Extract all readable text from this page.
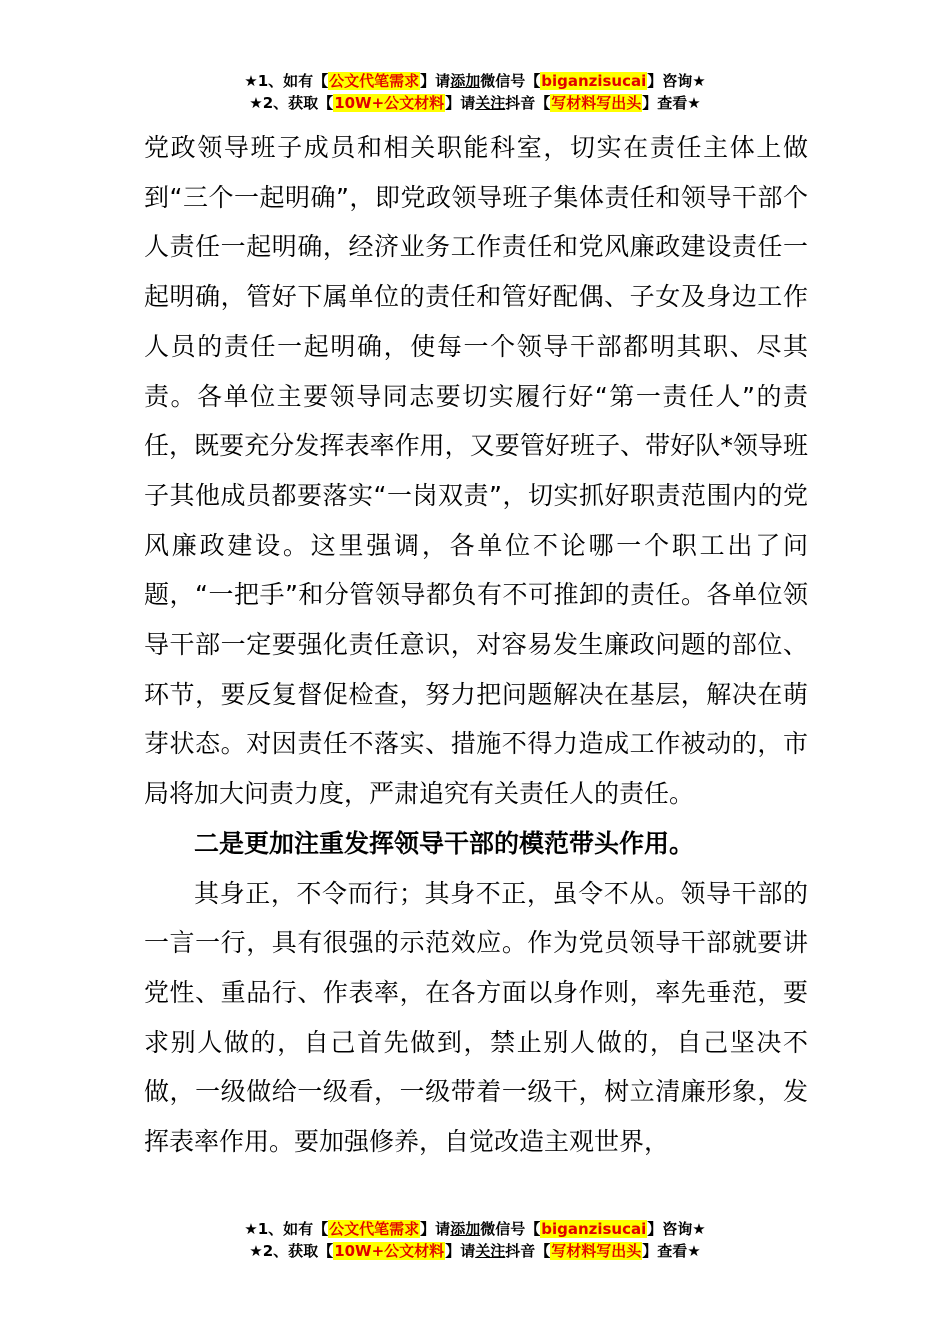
★1、如有【公文代笔需求】请添加微信号【biganzisucai】咨询★
★2、获取【10W+公文材料】请关注抖音【写材料写出头】查看★

党政领导班子成员和相关职能科室，切实在责任主体上做到“三个一起明确”，即党政领导班子集体责任和领导干部个人责任一起明确，经济业务工作责任和党风廉政建设责任一起明确，管好下属单位的责任和管好配偶、子女及身边工作人员的责任一起明确，使每一个领导干部都明其职、尽其责。各单位主要领导同志要切实履行好“第一责任人”的责任，既要充分发挥表率作用，又要管好班子、带好队*领导班子其他成员都要落实“一岗双责”，切实抓好职责范围内的党风廉政建设。这里强调，各单位不论哪一个职工出了问题，“一把手”和分管领导都负有不可推卸的责任。各单位领导干部一定要强化责任意识，对容易发生廉政问题的部位、环节，要反复督促检查，努力把问题解决在基层，解决在萌芽状态。对因责任不落实、措施不得力造成工作被动的，市局将加大问责力度，严肃追究有关责任人的责任。

二是更加注重发挥领导干部的模范带头作用。

其身正，不令而行；其身不正，虽令不从。领导干部的一言一行，具有很强的示范效应。作为党员领导干部就要讲党性、重品行、作表率，在各方面以身作则，率先垂范，要求别人做的，自己首先做到，禁止别人做的，自己坚决不做，一级做给一级看，一级带着一级干，树立清廉形象，发挥表率作用。要加强修养，自觉改造主观世界，

★1、如有【公文代笔需求】请添加微信号【biganzisucai】咨询★
★2、获取【10W+公文材料】请关注抖音【写材料写出头】查看★
